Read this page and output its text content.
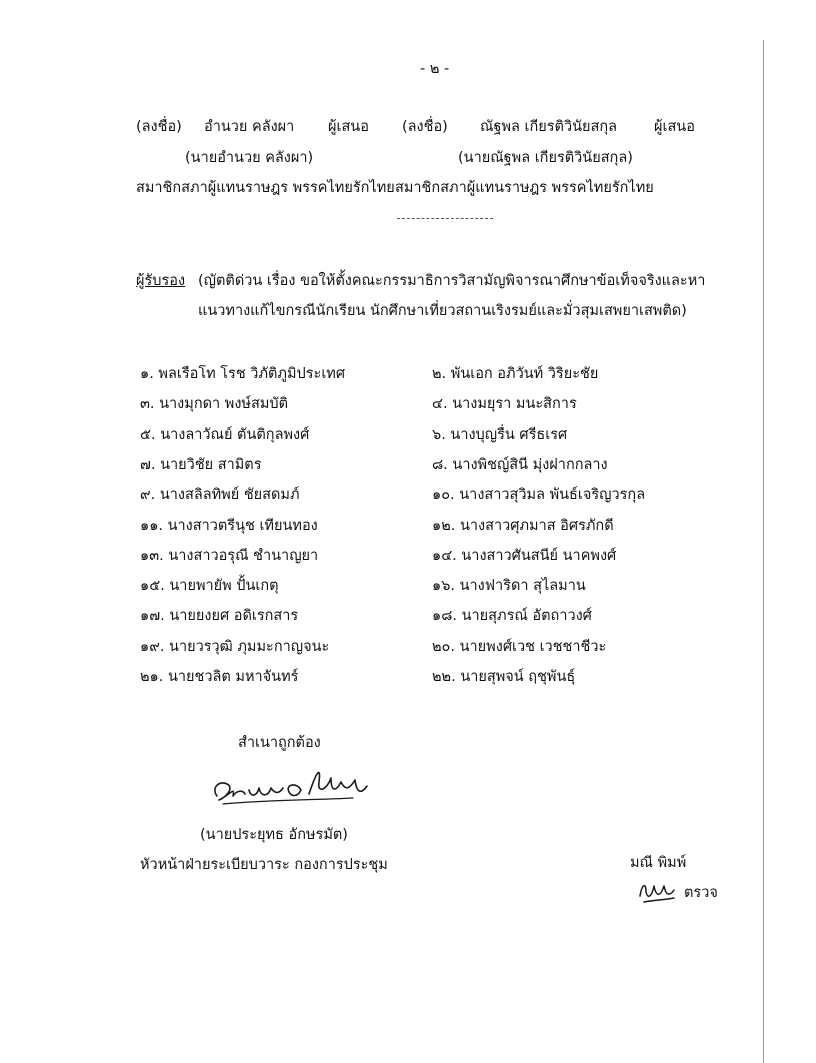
- ๒ -
(ลงชื่อ) อำนวย คลังผา ผู้เสนอ (ลงชื่อ) ณัฐพล เกียรติวินัยสกุล	ผู้เสนอ
(นายอำนวย คลังผา)	(นายณัฐพล เกียรติวินัยสกุล)
สมาชิกสภาผู้แทนราษฎร พรรคไทยรักไทย สมาชิกสภาผู้แทนราษฎร พรรคไทยรักไทย
ผู้รับรอง (ญัตติด่วน เรื่อง ขอให้ตั้งคณะกรรมาธิการวิสามัญพิจารณาศึกษาข้อเท็จจริงและหา
แนวทางแก้ไขกรณีนักเรียน นักศึกษาเที่ยวสถานเริงรมย์และมั่วสุมเสพยาเสพติด)
๑. พลเรือโท โรช วิภัติภูมิประเทศ	๒. พันเอก อภิวันท์ วิริยะชัย
๓. นางมุกดา พงษ์สมบัติ	๔. นางมยุรา มนะสิการ
๕. นางลาวัณย์ ตันติกุลพงศ์	๖. นางบุญรื่น ศรีธเรศ
๗. นายวิชัย สามิตร	๘. นางพิชญ์สินี มุ่งฝากกลาง
๙. นางสลิลทิพย์ ชัยสดมภ์	๑๐. นางสาวสุวิมล พันธ์เจริญวรกุล
๑๑. นางสาวตรีนุช เทียนทอง	๑๒. นางสาวศุภมาส อิศรภักดี
๑๓. นางสาวอรุณี ชำนาญยา	๑๔. นางสาวศันสนีย์ นาคพงศ์
๑๕. นายพายัพ ปั้นเกตุ	๑๖. นางฟาริดา สุไลมาน
๑๗. นายยงยศ อดิเรกสาร	๑๘. นายสุภรณ์ อัตถาวงศ์
๑๙. นายวรวุฒิ ภุมมะกาญจนะ	๒๐. นายพงศ์เวช เวชชาชีวะ
๒๑. นายชวลิต มหาจันทร์	๒๒. นายสุพจน์ ฤชุพันธุ์
สำเนาถูกต้อง
(นายประยุทธ อักษรมัต)
หัวหน้าฝ่ายระเบียบวาระ กองการประชุม	มณี พิมพ์
ตรวจ
